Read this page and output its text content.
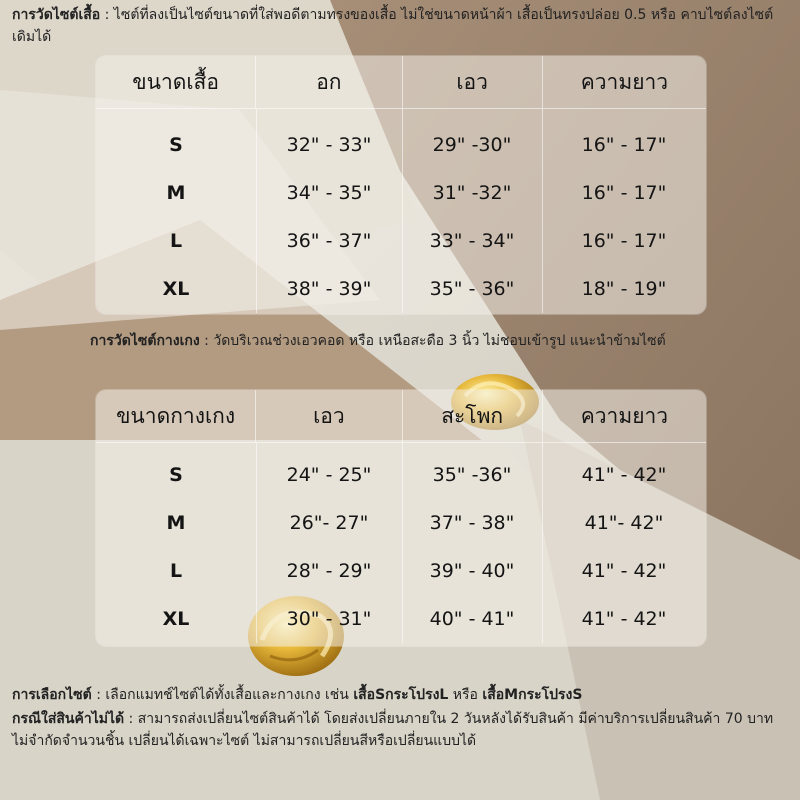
การวัดไซต์เสื้อ : ไซต์ที่ลงเป็นไซต์ขนาดที่ใส่พอดีตามทรงของเสื้อ ไม่ใช่ขนาดหน้าผ้า เสื้อเป็นทรงปล่อย 0.5 หรือ คาบไซต์ลงไซต์เดิมได้
ขนาดเสื้อ	อก	เอว	ความยาว
S	32" - 33"	29" -30"	16" - 17"
M	34" - 35"	31" -32"	16" - 17"
L	36" - 37"	33" - 34"	16" - 17"
XL	38" - 39"	35" - 36"	18" - 19"
การวัดไซต์กางเกง : วัดบริเวณช่วงเอวคอด หรือ เหนือสะดือ 3 นิ้ว ไม่ชอบเข้ารูป แนะนำข้ามไซต์
ขนาดกางเกง	เอว	สะโพก	ความยาว
S	24" - 25"	35" -36"	41" - 42"
M	26"- 27"	37" - 38"	41"- 42"
L	28" - 29"	39" - 40"	41" - 42"
XL	30" - 31"	40" - 41"	41" - 42"
การเลือกไซต์ : เลือกแมทช์ไซต์ได้ทั้งเสื้อและกางเกง เช่น เสื้อSกระโปรงL หรือ เสื้อMกระโปรงS
กรณีใส่สินค้าไม่ได้ : สามารถส่งเปลี่ยนไซต์สินค้าได้ โดยส่งเปลี่ยนภายใน 2 วันหลังได้รับสินค้า มีค่าบริการเปลี่ยนสินค้า 70 บาท ไม่จำกัดจำนวนชิ้น เปลี่ยนได้เฉพาะไซต์ ไม่สามารถเปลี่ยนสีหรือเปลี่ยนแบบได้
